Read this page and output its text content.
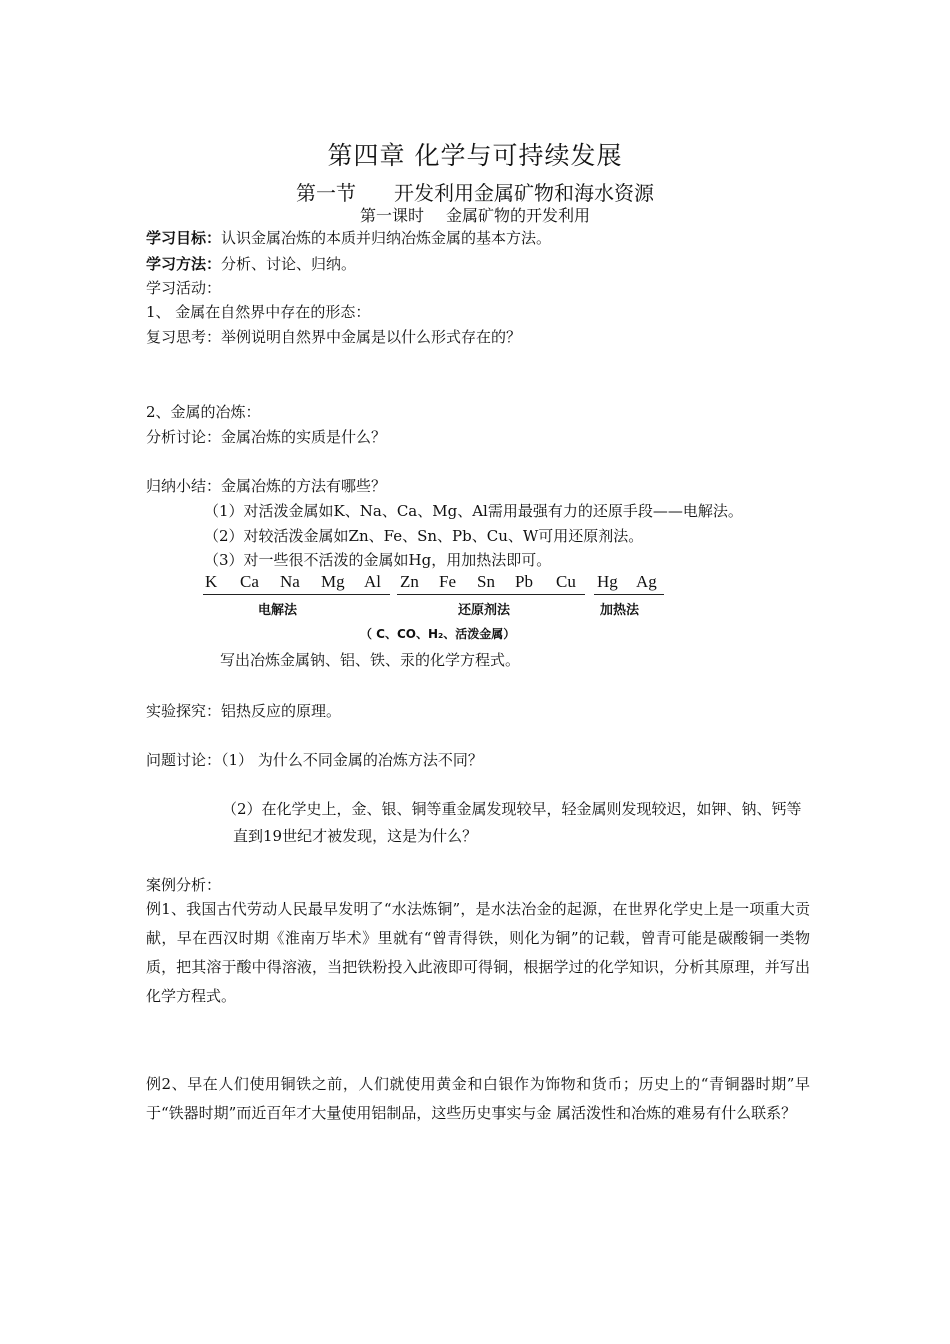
第四章 化学与可持续发展
第一节 开发利用金属矿物和海水资源
第一课时 金属矿物的开发利用
学习目标：认识金属冶炼的本质并归纳冶炼金属的基本方法。
学习方法：分析、讨论、归纳。
学习活动：
1、 金属在自然界中存在的形态：
复习思考：举例说明自然界中金属是以什么形式存在的？
2、金属的冶炼：
分析讨论：金属冶炼的实质是什么？
归纳小结：金属冶炼的方法有哪些？
（1）对活泼金属如K、Na、Ca、Mg、Al需用最强有力的还原手段——电解法。
（2）对较活泼金属如Zn、Fe、Sn、Pb、Cu、W可用还原剂法。
（3）对一些很不活泼的金属如Hg，用加热法即可。
K Ca Na Mg Al Zn Fe Sn Pb Cu Hg Ag
电解法	还原剂法	加热法
（ C、CO、H₂、活泼金属）
写出冶炼金属钠、铝、铁、汞的化学方程式。
实验探究：铝热反应的原理。
问题讨论：（1） 为什么不同金属的冶炼方法不同？
（2）在化学史上，金、银、铜等重金属发现较早，轻金属则发现较迟，如钾、钠、钙等
直到19世纪才被发现，这是为什么？
案例分析：
例1、我国古代劳动人民最早发明了“水法炼铜”，是水法冶金的起源，在世界化学史上是一项重大贡献，早在西汉时期《淮南万毕术》里就有“曾青得铁，则化为铜”的记载，曾青可能是碳酸铜一类物质，把其溶于酸中得溶液，当把铁粉投入此液即可得铜，根据学过的化学知识，分析其原理，并写出化学方程式。
例2、早在人们使用铜铁之前，人们就使用黄金和白银作为饰物和货币；历史上的“青铜器时期”早于“铁器时期”而近百年才大量使用铝制品，这些历史事实与金 属活泼性和冶炼的难易有什么联系？
